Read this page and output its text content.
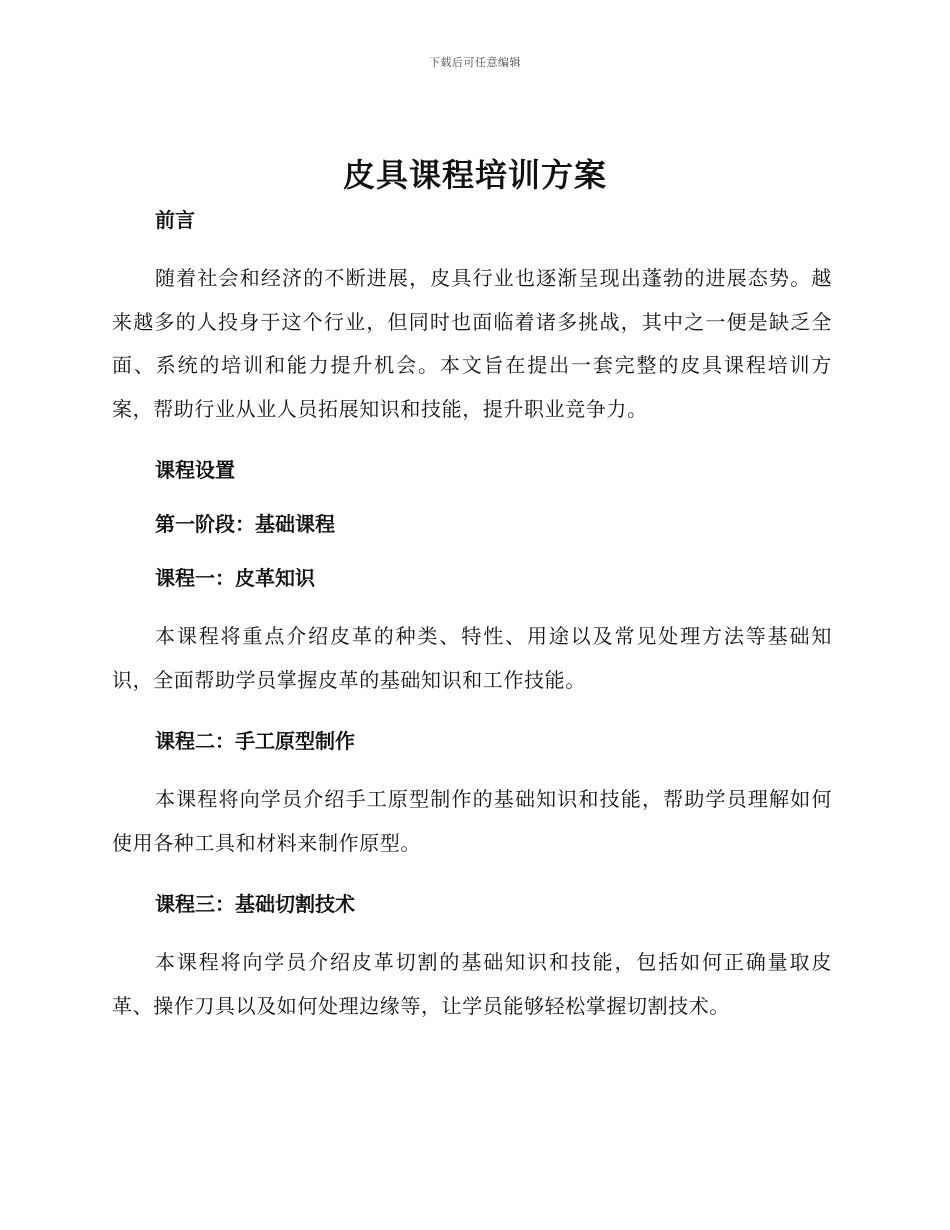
下载后可任意编辑
皮具课程培训方案

前言

随着社会和经济的不断进展，皮具行业也逐渐呈现出蓬勃的进展态势。越来越多的人投身于这个行业，但同时也面临着诸多挑战，其中之一便是缺乏全面、系统的培训和能力提升机会。本文旨在提出一套完整的皮具课程培训方案，帮助行业从业人员拓展知识和技能，提升职业竞争力。

课程设置

第一阶段：基础课程

课程一：皮革知识

本课程将重点介绍皮革的种类、特性、用途以及常见处理方法等基础知识，全面帮助学员掌握皮革的基础知识和工作技能。

课程二：手工原型制作

本课程将向学员介绍手工原型制作的基础知识和技能，帮助学员理解如何使用各种工具和材料来制作原型。

课程三：基础切割技术

本课程将向学员介绍皮革切割的基础知识和技能，包括如何正确量取皮革、操作刀具以及如何处理边缘等，让学员能够轻松掌握切割技术。
